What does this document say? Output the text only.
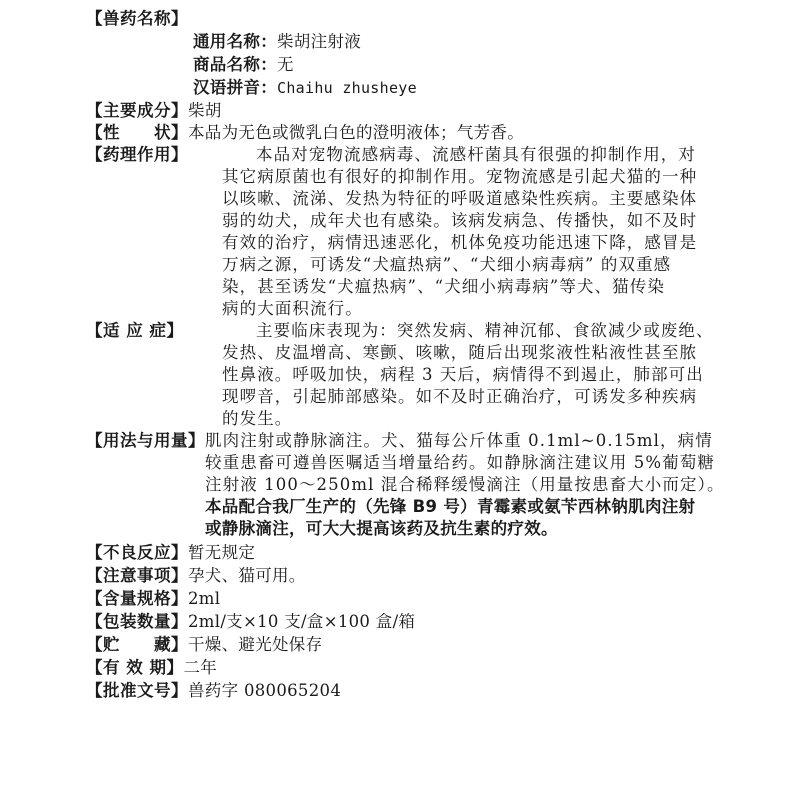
【兽药名称】
通用名称：柴胡注射液
商品名称：无
汉语拼音：Chaihu zhusheye
【主要成分】柴胡
【性　　状】本品为无色或微乳白色的澄明液体；气芳香。
【药理作用】	本品对宠物流感病毒、流感杆菌具有很强的抑制作用，对
其它病原菌也有很好的抑制作用。宠物流感是引起犬猫的一种
以咳嗽、流涕、发热为特征的呼吸道感染性疾病。主要感染体
弱的幼犬，成年犬也有感染。该病发病急、传播快，如不及时
有效的治疗，病情迅速恶化，机体免疫功能迅速下降，感冒是
万病之源，可诱发“犬瘟热病”、“犬细小病毒病” 的双重感
染，甚至诱发“犬瘟热病”、“犬细小病毒病”等犬、猫传染
病的大面积流行。
【适 应 症】	主要临床表现为：突然发病、精神沉郁、食欲减少或废绝、
发热、皮温增高、寒颤、咳嗽，随后出现浆液性粘液性甚至脓
性鼻液。呼吸加快，病程 3 天后，病情得不到遏止，肺部可出
现啰音，引起肺部感染。如不及时正确治疗，可诱发多种疾病
的发生。
【用法与用量】 肌肉注射或静脉滴注。犬、猫每公斤体重 0.1ml~0.15ml，病情
较重患畜可遵兽医嘱适当增量给药。如静脉滴注建议用 5%葡萄糖
注射液 100～250ml 混合稀释缓慢滴注（用量按患畜大小而定）。
本品配合我厂生产的（先锋 B9 号）青霉素或氨苄西林钠肌肉注射
或静脉滴注，可大大提高该药及抗生素的疗效。
【不良反应】暂无规定
【注意事项】孕犬、猫可用。
【含量规格】2ml
【包装数量】2ml/支×10 支/盒×100 盒/箱
【贮　　藏】干燥、避光处保存
【有 效 期】二年
【批准文号】兽药字 080065204
